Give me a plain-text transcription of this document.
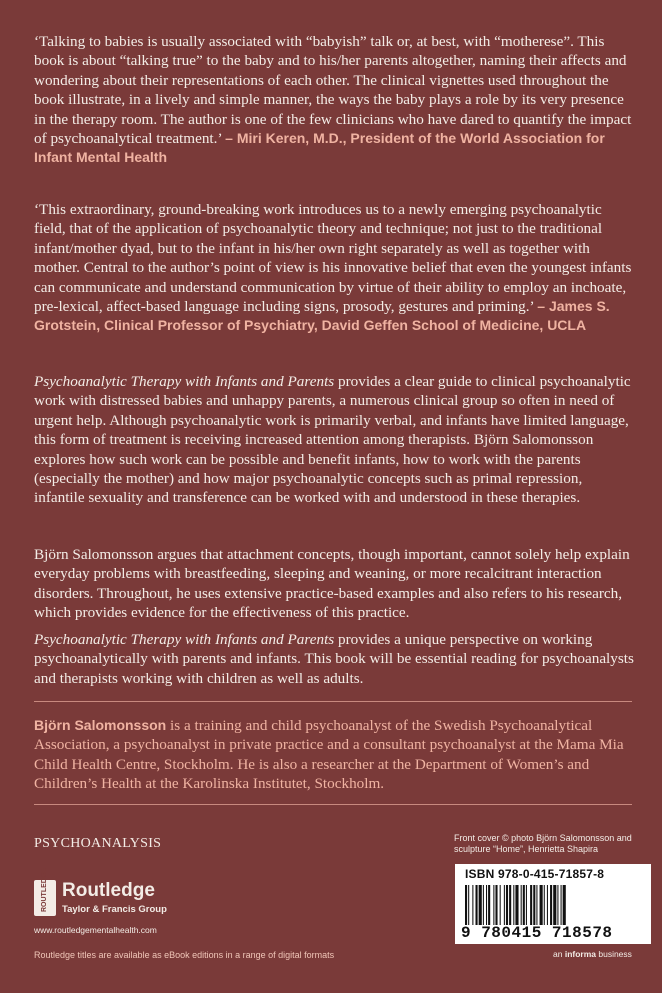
‘Talking to babies is usually associated with “babyish” talk or, at best, with “motherese”. This book is about “talking true” to the baby and to his/her parents altogether, naming their affects and wondering about their representations of each other. The clinical vignettes used throughout the book illustrate, in a lively and simple manner, the ways the baby plays a role by its very presence in the therapy room. The author is one of the few clinicians who have dared to quantify the impact of psychoanalytical treatment.’ – Miri Keren, M.D., President of the World Association for Infant Mental Health

‘This extraordinary, ground-breaking work introduces us to a newly emerging psychoanalytic field, that of the application of psychoanalytic theory and technique; not just to the traditional infant/mother dyad, but to the infant in his/her own right separately as well as together with mother. Central to the author’s point of view is his innovative belief that even the youngest infants can communicate and understand communication by virtue of their ability to employ an inchoate, pre-lexical, affect-based language including signs, prosody, gestures and priming.’ – James S. Grotstein, Clinical Professor of Psychiatry, David Geffen School of Medicine, UCLA

Psychoanalytic Therapy with Infants and Parents provides a clear guide to clinical psychoanalytic work with distressed babies and unhappy parents, a numerous clinical group so often in need of urgent help. Although psychoanalytic work is primarily verbal, and infants have limited language, this form of treatment is receiving increased attention among therapists. Björn Salomonsson explores how such work can be possible and benefit infants, how to work with the parents (especially the mother) and how major psychoanalytic concepts such as primal repression, infantile sexuality and transference can be worked with and understood in these therapies.

Björn Salomonsson argues that attachment concepts, though important, cannot solely help explain everyday problems with breastfeeding, sleeping and weaning, or more recalcitrant interaction disorders. Throughout, he uses extensive practice-based examples and also refers to his research, which provides evidence for the effectiveness of this practice.

Psychoanalytic Therapy with Infants and Parents provides a unique perspective on working psychoanalytically with parents and infants. This book will be essential reading for psychoanalysts and therapists working with children as well as adults.

Björn Salomonsson is a training and child psychoanalyst of the Swedish Psychoanalytical Association, a psychoanalyst in private practice and a consultant psychoanalyst at the Mama Mia Child Health Centre, Stockholm. He is also a researcher at the Department of Women’s and Children’s Health at the Karolinska Institutet, Stockholm.

PSYCHOANALYSIS
ROUTLEDGE Routledge
Taylor & Francis Group
www.routledgementalhealth.com
Routledge titles are available as eBook editions in a range of digital formats
Front cover © photo Björn Salomonsson and sculpture “Home”, Henrietta Shapira
ISBN 978-0-415-71857-8
9 780415 718578
an informa business
